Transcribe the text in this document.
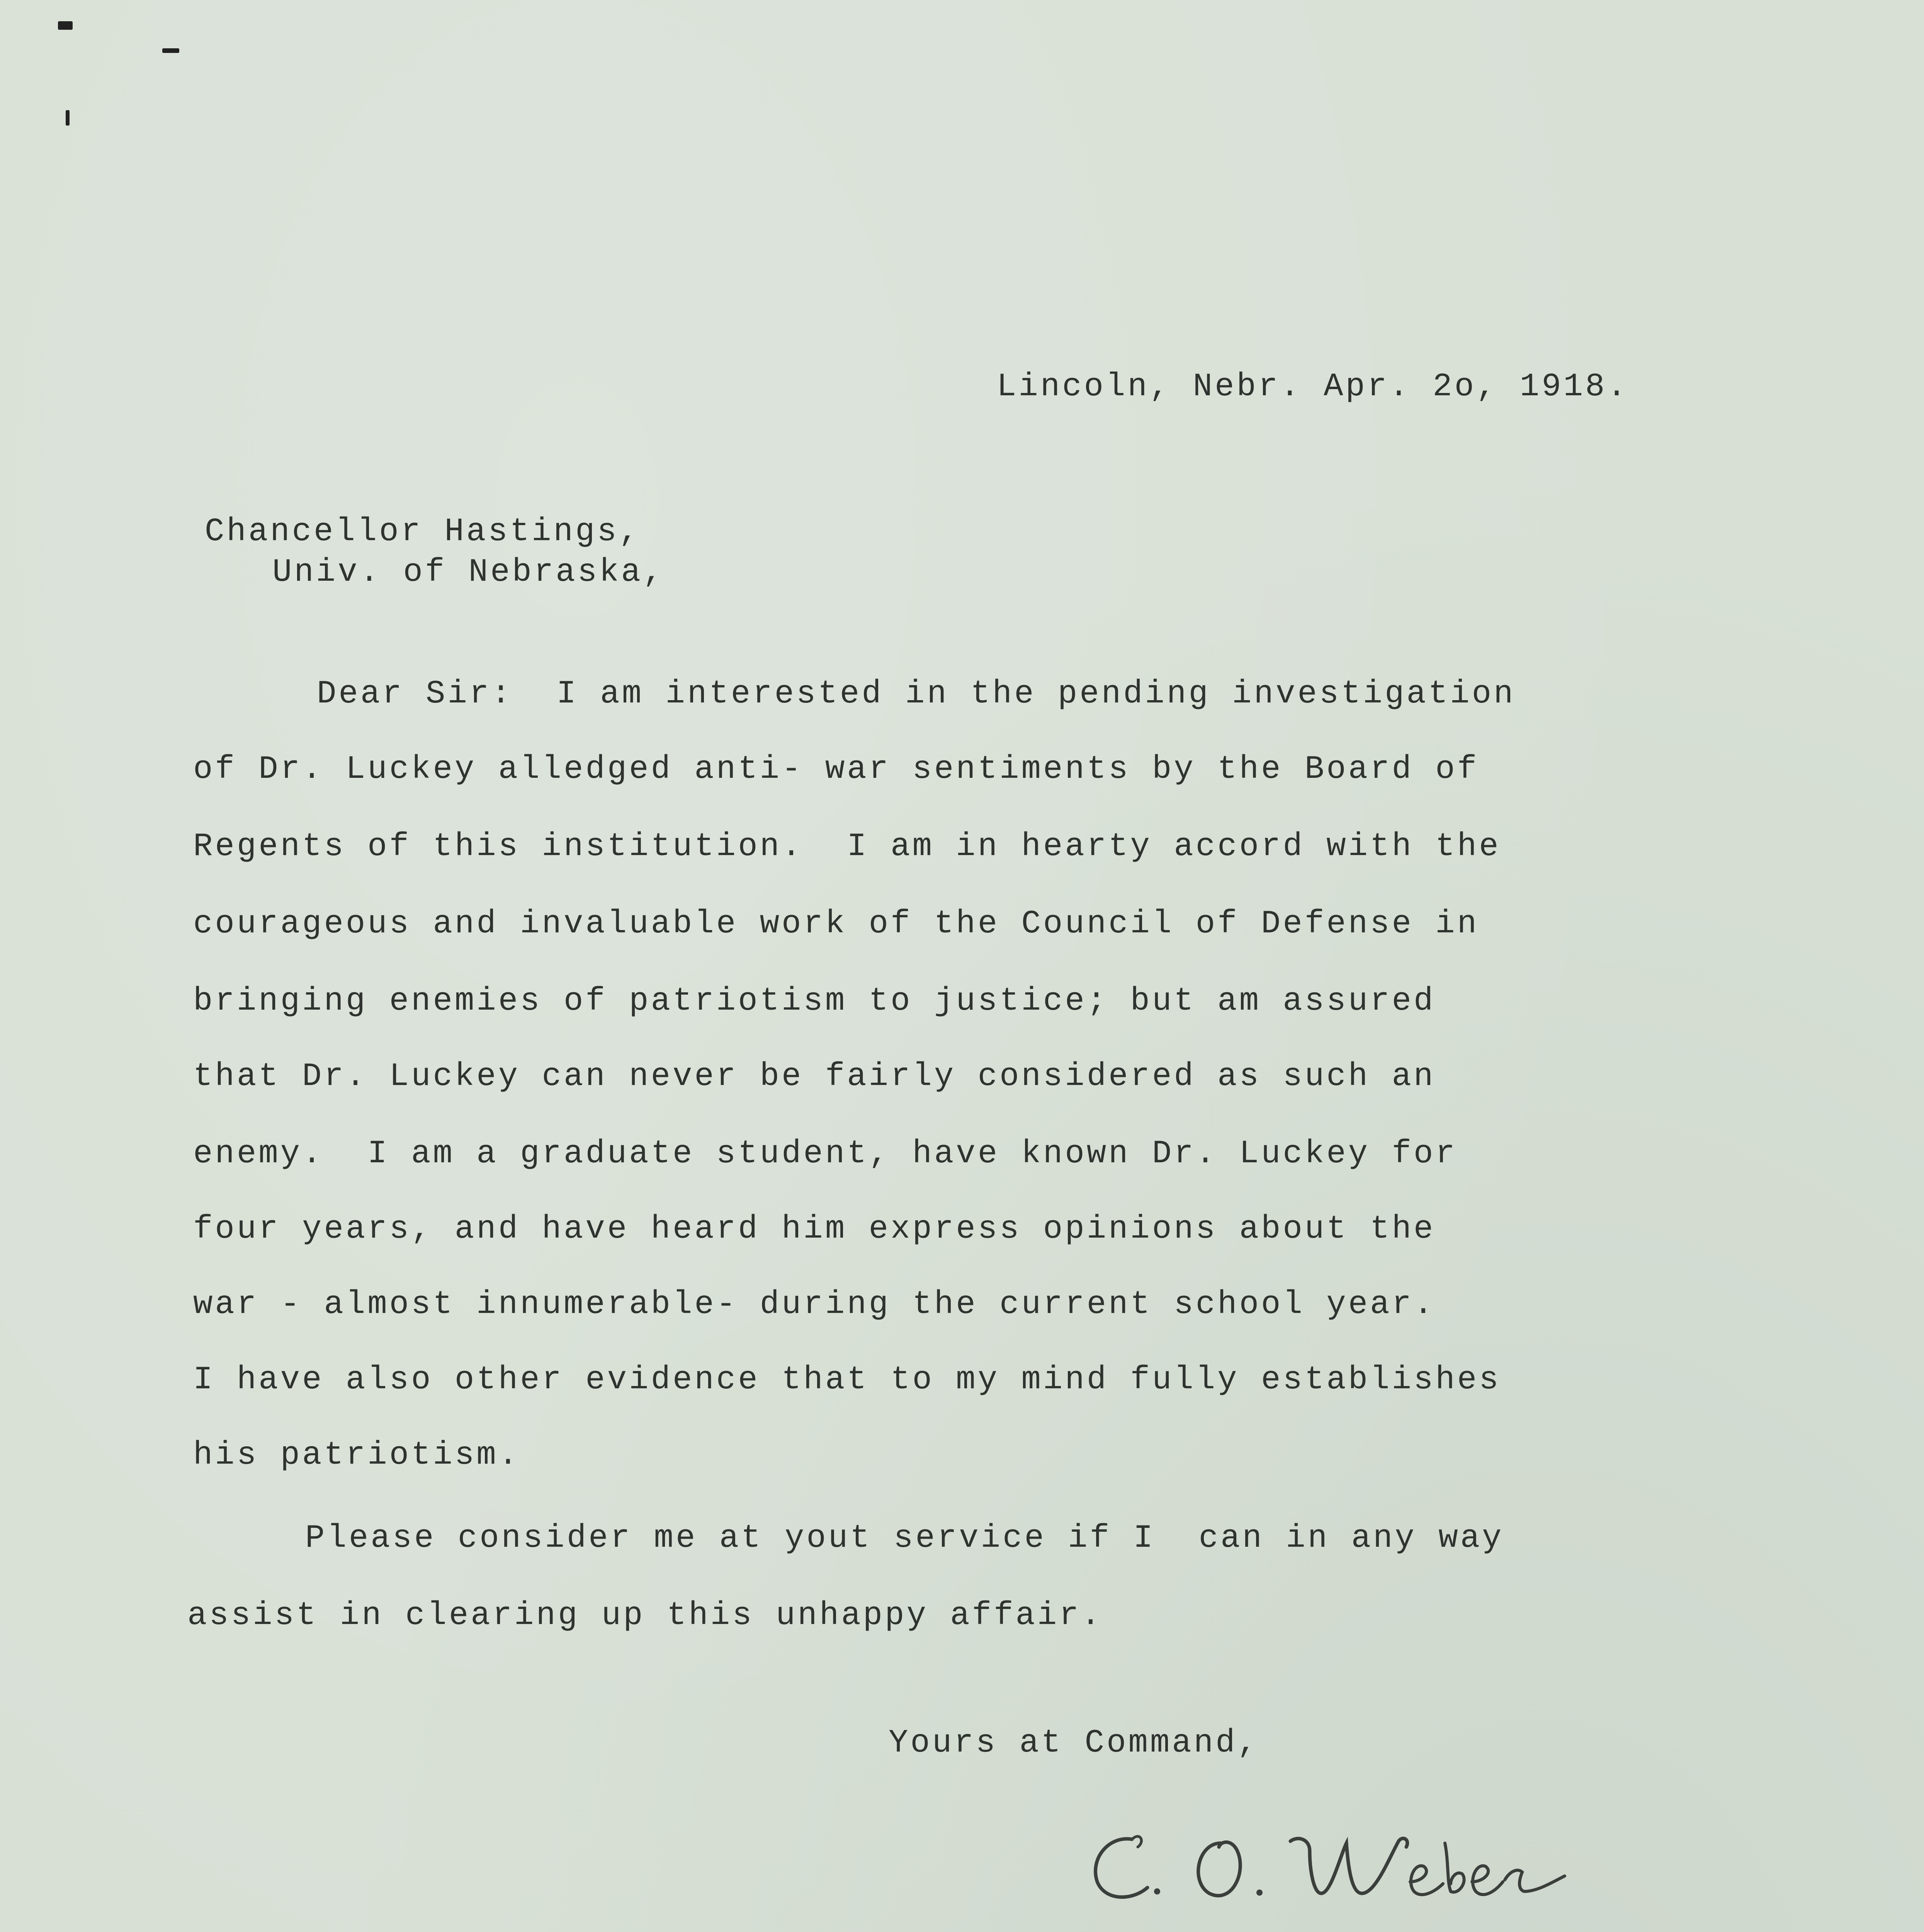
Lincoln, Nebr. Apr. 2o, 1918.
Chancellor Hastings,
Univ. of Nebraska,
Dear Sir:  I am interested in the pending investigation
of Dr. Luckey alledged anti- war sentiments by the Board of
Regents of this institution.  I am in hearty accord with the
courageous and invaluable work of the Council of Defense in
bringing enemies of patriotism to justice; but am assured
that Dr. Luckey can never be fairly considered as such an
enemy.  I am a graduate student, have known Dr. Luckey for
four years, and have heard him express opinions about the
war - almost innumerable- during the current school year.
I have also other evidence that to my mind fully establishes
his patriotism.
Please consider me at yout service if I  can in any way
assist in clearing up this unhappy affair.
Yours at Command,
